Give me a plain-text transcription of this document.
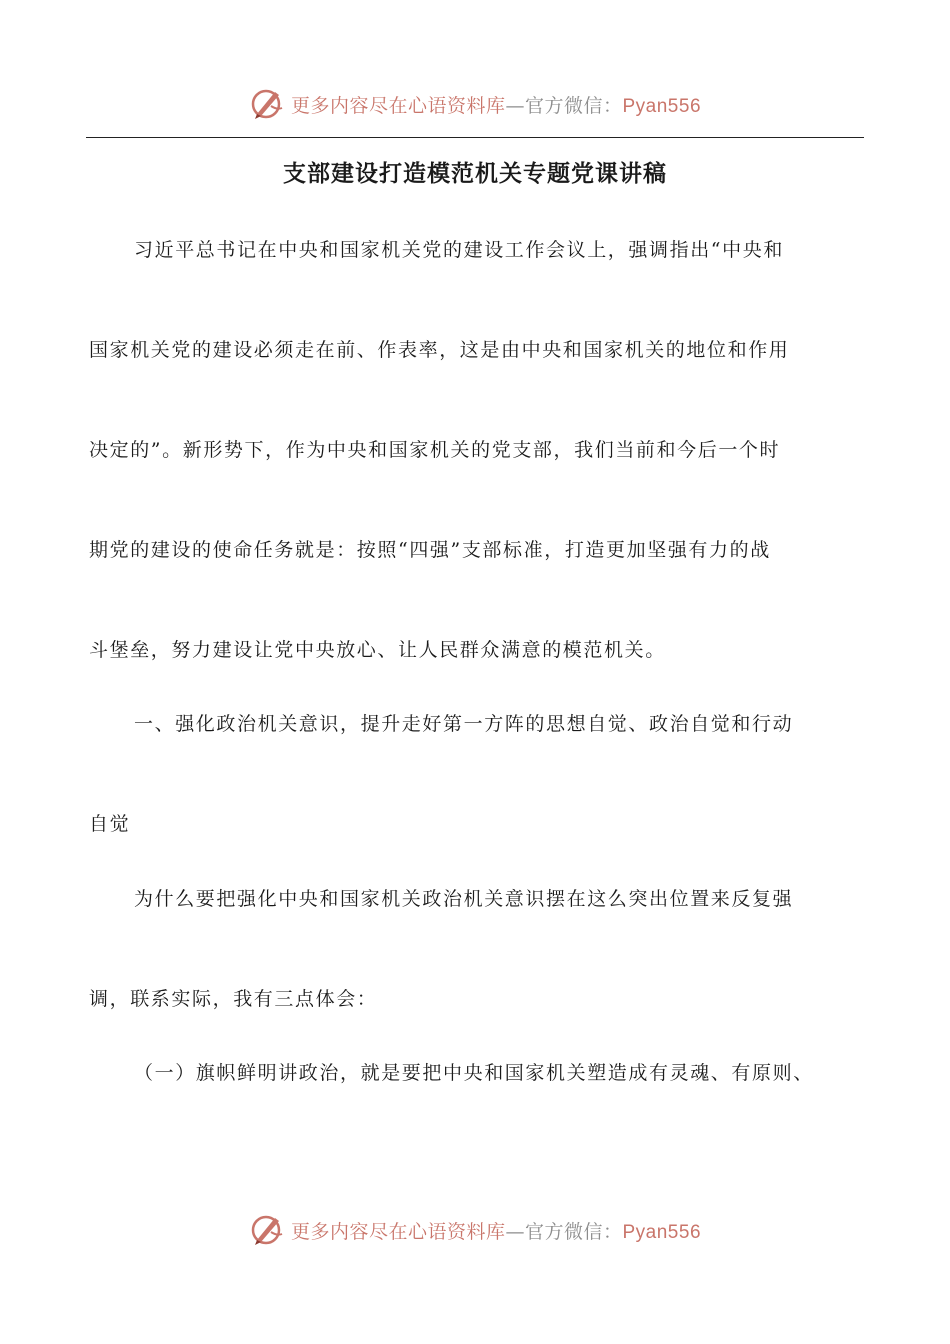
更多内容尽在心语资料库 —官方微信： Pyan556
支部建设打造模范机关专题党课讲稿

习近平总书记在中央和国家机关党的建设工作会议上，强调指出“中央和

国家机关党的建设必须走在前、作表率，这是由中央和国家机关的地位和作用

决定的”。新形势下，作为中央和国家机关的党支部，我们当前和今后一个时

期党的建设的使命任务就是：按照“四强”支部标准，打造更加坚强有力的战

斗堡垒，努力建设让党中央放心、让人民群众满意的模范机关。

一、强化政治机关意识，提升走好第一方阵的思想自觉、政治自觉和行动

自觉

为什么要把强化中央和国家机关政治机关意识摆在这么突出位置来反复强

调，联系实际，我有三点体会：

（一）旗帜鲜明讲政治，就是要把中央和国家机关塑造成有灵魂、有原则、

更多内容尽在心语资料库 —官方微信： Pyan556
